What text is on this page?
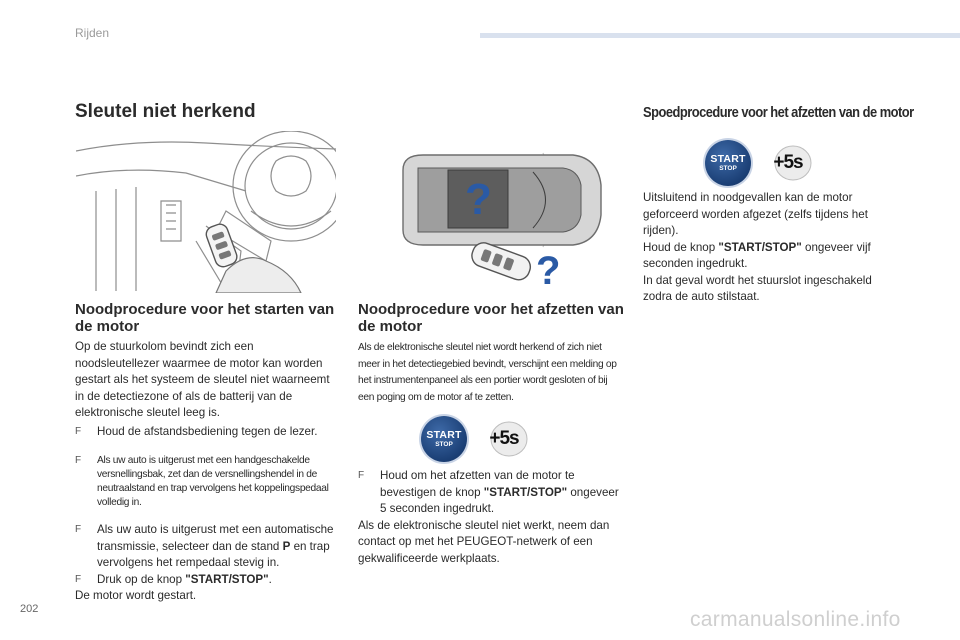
Rijden
Sleutel niet herkend	Spoedprocedure voor het afzetten van de motor
?
?
Noodprocedure voor het starten van de motor

Op de stuurkolom bevindt zich een noodsleutellezer waarmee de motor kan worden gestart als het systeem de sleutel niet waarneemt in de detectiezone of als de batterij van de elektronische sleutel leeg is.

F Houd de afstandsbediening tegen de lezer.
F Als uw auto is uitgerust met een handgeschakelde versnellingsbak, zet dan de versnellingshendel in de neutraalstand en trap vervolgens het koppelingspedaal volledig in.
F Als uw auto is uitgerust met een automatische transmissie, selecteer dan de stand P en trap vervolgens het rempedaal stevig in.
F Druk op de knop "START/STOP".

De motor wordt gestart.

Noodprocedure voor het afzetten van de motor

Als de elektronische sleutel niet wordt herkend of zich niet meer in het detectiegebied bevindt, verschijnt een melding op het instrumentenpaneel als een portier wordt gesloten of bij een poging om de motor af te zetten.

START
STOP +5s
F Houd om het afzetten van de motor te bevestigen de knop "START/STOP" ongeveer 5 seconden ingedrukt.

Als de elektronische sleutel niet werkt, neem dan contact op met het PEUGEOT-netwerk of een gekwalificeerde werkplaats.

START
STOP +5s

Uitsluitend in noodgevallen kan de motor geforceerd worden afgezet (zelfs tijdens het rijden).

Houd de knop "START/STOP" ongeveer vijf seconden ingedrukt.

In dat geval wordt het stuurslot ingeschakeld zodra de auto stilstaat.

202	carmanualsonline.info
